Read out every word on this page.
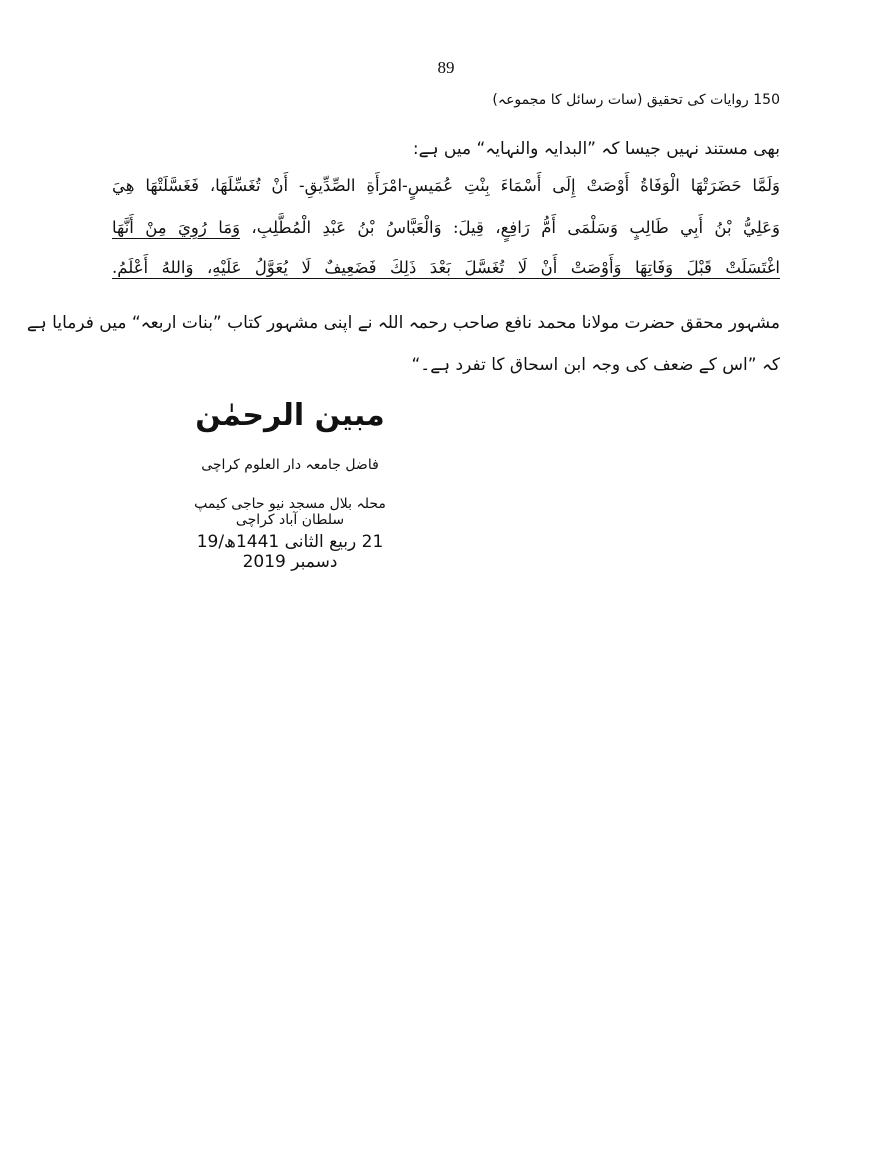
89
150 روایات کی تحقیق (سات رسائل کا مجموعہ)
بھی مستند نہیں جیسا کہ ”البدایہ والنہایہ“ میں ہے:
وَلَمَّا حَضَرَتْهَا الْوَفَاةُ أَوْصَتْ إِلَى أَسْمَاءَ بِنْتِ عُمَيسٍ-امْرَأَةِ الصِّدِّيقِ- أَنْ تُغَسِّلَهَا، فَغَسَّلَتْهَا هِيَ
وَعَلِيُّ بْنُ أَبِي طَالِبٍ وَسَلْمَى أَمُّ رَافِعٍ، قِيلَ: وَالْعَبَّاسُ بْنُ عَبْدِ الْمُطَّلِبِ، وَمَا رُوِيَ مِنْ أَنَّهَا
اغْتَسَلَتْ قَبْلَ وَفَاتِهَا وَأَوْصَتْ أَنْ لَا تُغَسَّلَ بَعْدَ ذَلِكَ فَضَعِيفٌ لَا يُعَوَّلُ عَلَيْهِ، وَاللهُ أَعْلَمُ.
مشہور محقق حضرت مولانا محمد نافع صاحب رحمہ اللہ نے اپنی مشہور کتاب ”بنات اربعہ“ میں فرمایا ہے
کہ ”اس کے ضعف کی وجہ ابن اسحاق کا تفرد ہے۔“
مبین الرحمٰن
فاضل جامعہ دار العلوم کراچی
محلہ بلال مسجد نیو حاجی کیمپ سلطان آباد کراچی
21 ربیع الثانی 1441ھ/19 دسمبر 2019
